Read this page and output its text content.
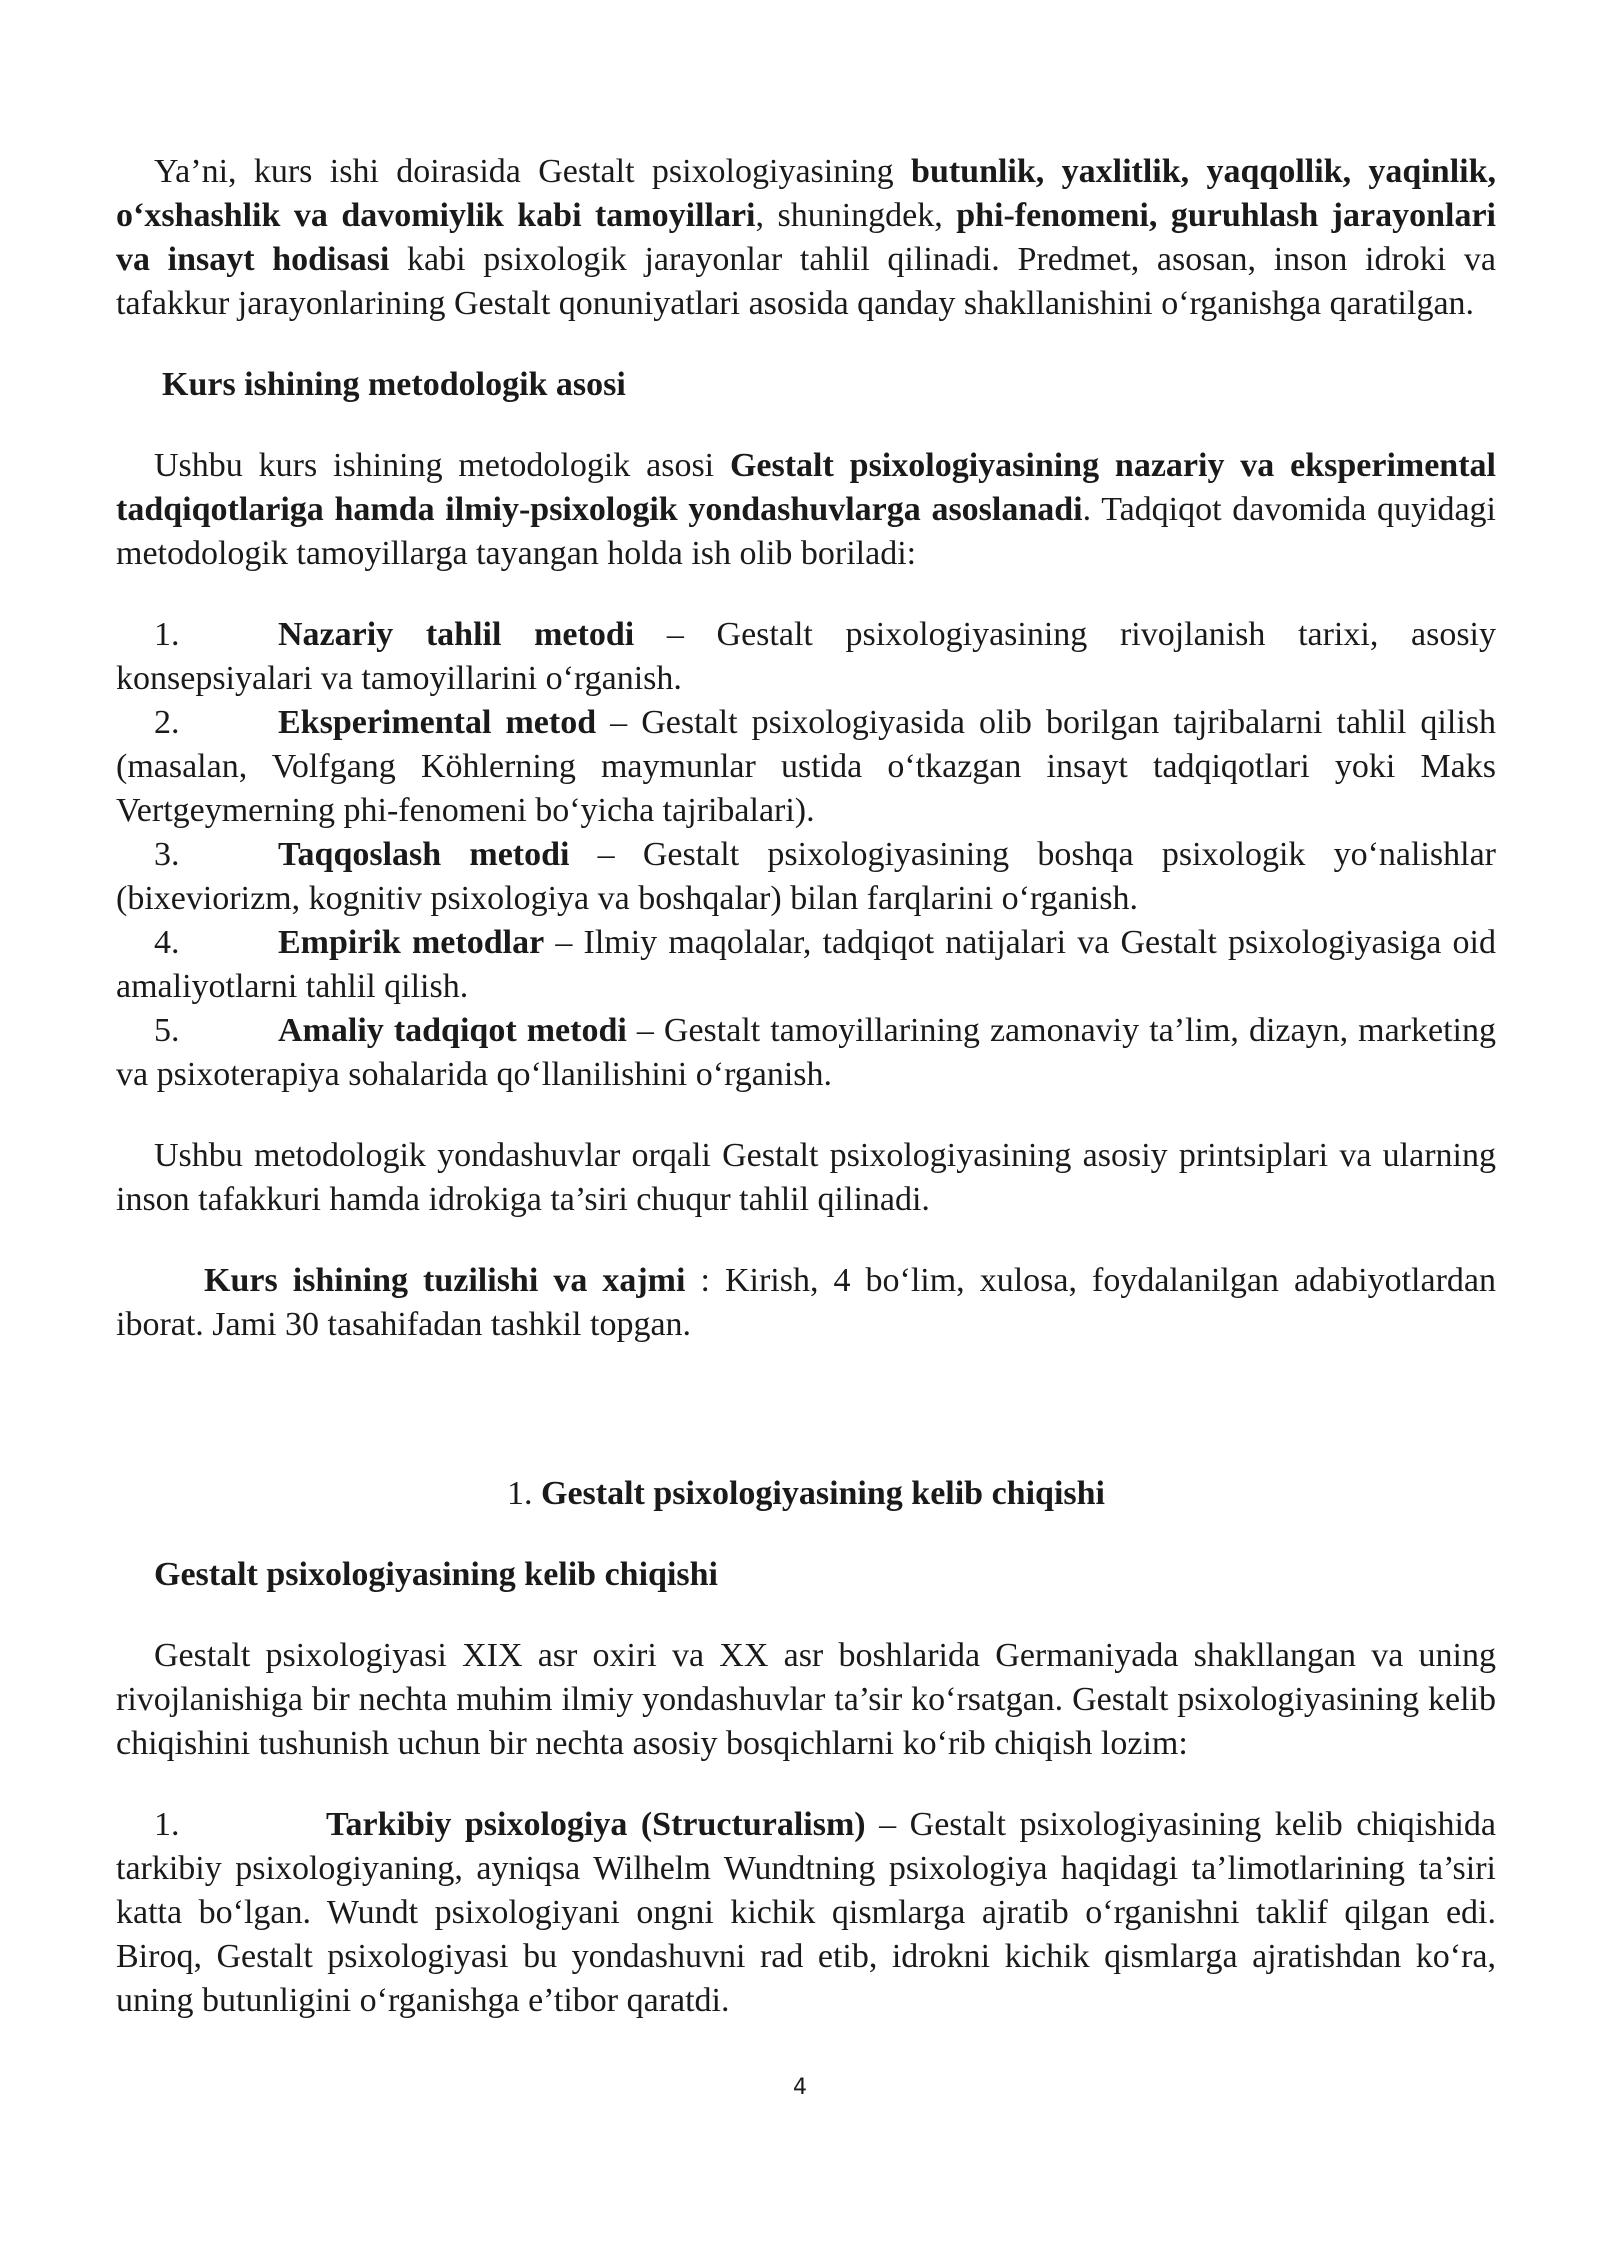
Ya’ni, kurs ishi doirasida Gestalt psixologiyasining butunlik, yaxlitlik, yaqqollik, yaqinlik, o‘xshashlik va davomiylik kabi tamoyillari, shuningdek, phi-fenomeni, guruhlash jarayonlari va insayt hodisasi kabi psixologik jarayonlar tahlil qilinadi. Predmet, asosan, inson idroki va tafakkur jarayonlarining Gestalt qonuniyatlari asosida qanday shakllanishini o‘rganishga qaratilgan.

Kurs ishining metodologik asosi

Ushbu kurs ishining metodologik asosi Gestalt psixologiyasining nazariy va eksperimental tadqiqotlariga hamda ilmiy-psixologik yondashuvlarga asoslanadi. Tadqiqot davomida quyidagi metodologik tamoyillarga tayangan holda ish olib boriladi:

1.	Nazariy tahlil metodi – Gestalt psixologiyasining rivojlanish tarixi, asosiy konsepsiyalari va tamoyillarini o‘rganish.

2.	Eksperimental metod – Gestalt psixologiyasida olib borilgan tajribalarni tahlil qilish (masalan, Volfgang Köhlerning maymunlar ustida o‘tkazgan insayt tadqiqotlari yoki Maks Vertgeymerning phi-fenomeni bo‘yicha tajribalari).

3.	Taqqoslash metodi – Gestalt psixologiyasining boshqa psixologik yo‘nalishlar (bixeviorizm, kognitiv psixologiya va boshqalar) bilan farqlarini o‘rganish.

4.	Empirik metodlar – Ilmiy maqolalar, tadqiqot natijalari va Gestalt psixologiyasiga oid amaliyotlarni tahlil qilish.

5.	Amaliy tadqiqot metodi – Gestalt tamoyillarining zamonaviy ta’lim, dizayn, marketing va psixoterapiya sohalarida qo‘llanilishini o‘rganish.

Ushbu metodologik yondashuvlar orqali Gestalt psixologiyasining asosiy printsiplari va ularning inson tafakkuri hamda idrokiga ta’siri chuqur tahlil qilinadi.

Kurs ishining tuzilishi va xajmi : Kirish, 4 bo‘lim, xulosa, foydalanilgan adabiyotlardan iborat. Jami 30 tasahifadan tashkil topgan.

1. Gestalt psixologiyasining kelib chiqishi

Gestalt psixologiyasining kelib chiqishi

Gestalt psixologiyasi XIX asr oxiri va XX asr boshlarida Germaniyada shakllangan va uning rivojlanishiga bir nechta muhim ilmiy yondashuvlar ta’sir ko‘rsatgan. Gestalt psixologiyasining kelib chiqishini tushunish uchun bir nechta asosiy bosqichlarni ko‘rib chiqish lozim:

1.	Tarkibiy psixologiya (Structuralism) – Gestalt psixologiyasining kelib chiqishida tarkibiy psixologiyaning, ayniqsa Wilhelm Wundtning psixologiya haqidagi ta’limotlarining ta’siri katta bo‘lgan. Wundt psixologiyani ongni kichik qismlarga ajratib o‘rganishni taklif qilgan edi. Biroq, Gestalt psixologiyasi bu yondashuvni rad etib, idrokni kichik qismlarga ajratishdan ko‘ra, uning butunligini o‘rganishga e’tibor qaratdi.

4
